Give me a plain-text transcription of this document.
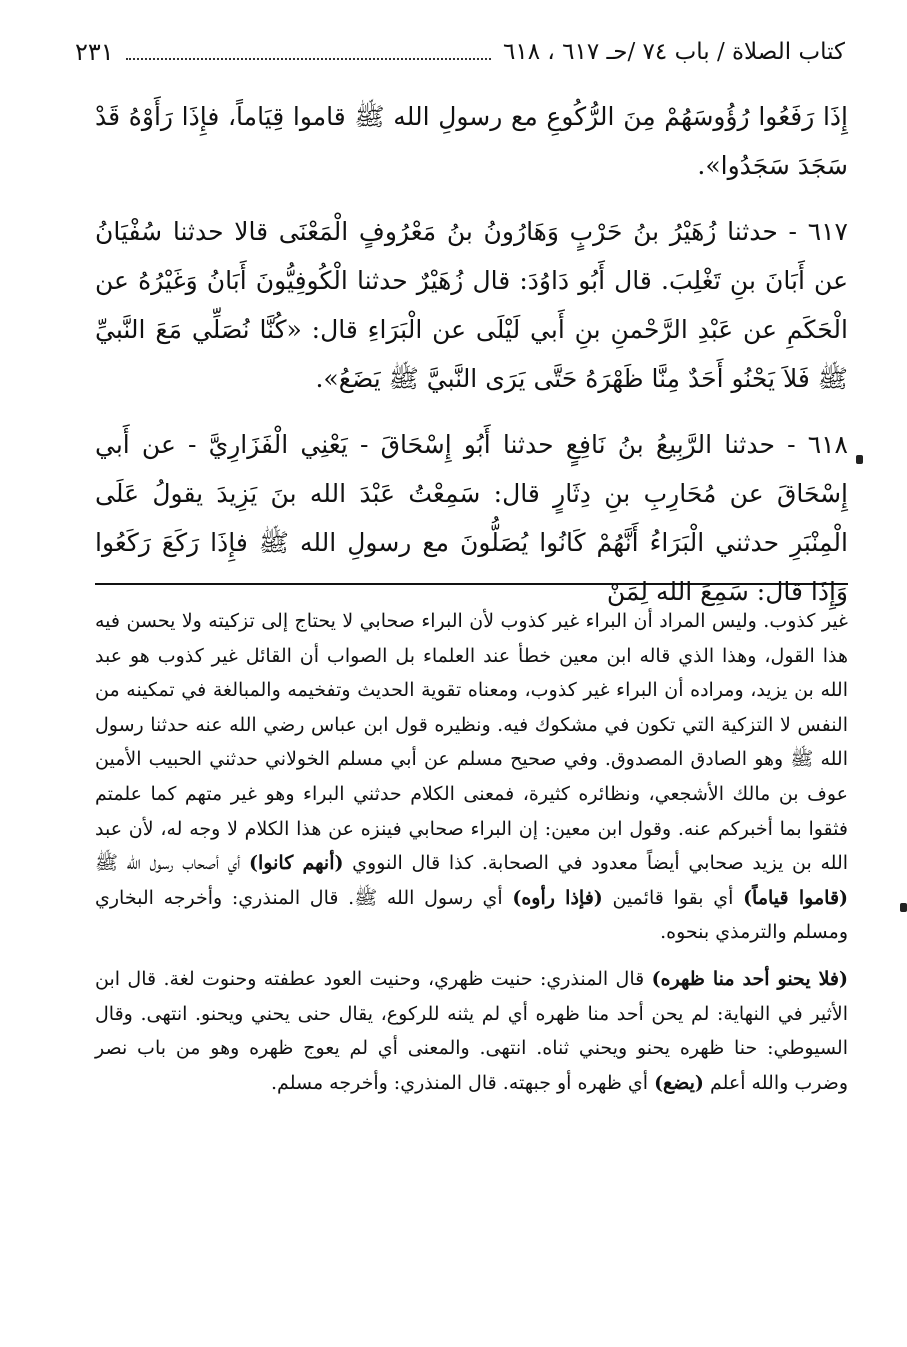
كتاب الصلاة / باب ٧٤ /حـ ٦١٧ ، ٦١٨
٢٣١

إِذَا رَفَعُوا رُؤُوسَهُمْ مِنَ الرُّكُوعِ مع رسولِ الله ﷺ قاموا قِيَاماً، فإِذَا رَأَوْهُ قَدْ سَجَدَ سَجَدُوا».

٦١٧ - حدثنا زُهَيْرُ بنُ حَرْبٍ وَهَارُونُ بنُ مَعْرُوفٍ الْمَعْنَى قالا حدثنا سُفْيَانُ عن أَبَانَ بنِ تَغْلِبَ. قال أَبُو دَاوُدَ: قال زُهَيْرٌ حدثنا الْكُوفِيُّونَ أَبَانُ وَغَيْرُهُ عن الْحَكَمِ عن عَبْدِ الرَّحْمنِ بنِ أَبي لَيْلَى عن الْبَرَاءِ قال: «كُنَّا نُصَلِّي مَعَ النَّبيِّ ﷺ فَلاَ يَحْنُو أَحَدٌ مِنَّا ظَهْرَهُ حَتَّى يَرَى النَّبيَّ ﷺ يَضَعُ».

٦١٨ - حدثنا الرَّبِيعُ بنُ نَافِعٍ حدثنا أَبُو إِسْحَاقَ - يَعْنِي الْفَزَارِيَّ - عن أَبي إِسْحَاقَ عن مُحَارِبِ بنِ دِثَارٍ قال: سَمِعْتُ عَبْدَ الله بنَ يَزِيدَ يقولُ عَلَى الْمِنْبَرِ حدثني الْبَرَاءُ أَنَّهُمْ كَانُوا يُصَلُّونَ مع رسولِ الله ﷺ فإِذَا رَكَعَ رَكَعُوا وَإِذَا قال: سَمِعَ الله لِمَنْ

غير كذوب. وليس المراد أن البراء غير كذوب لأن البراء صحابي لا يحتاج إلى تزكيته ولا يحسن فيه هذا القول، وهذا الذي قاله ابن معين خطأ عند العلماء بل الصواب أن القائل غير كذوب هو عبد الله بن يزيد، ومراده أن البراء غير كذوب، ومعناه تقوية الحديث وتفخيمه والمبالغة في تمكينه من النفس لا التزكية التي تكون في مشكوك فيه. ونظيره قول ابن عباس رضي الله عنه حدثنا رسول الله ﷺ وهو الصادق المصدوق. وفي صحيح مسلم عن أبي مسلم الخولاني حدثني الحبيب الأمين عوف بن مالك الأشجعي، ونظائره كثيرة، فمعنى الكلام حدثني البراء وهو غير متهم كما علمتم فثقوا بما أخبركم عنه. وقول ابن معين: إن البراء صحابي فينزه عن هذا الكلام لا وجه له، لأن عبد الله بن يزيد صحابي أيضاً معدود في الصحابة. كذا قال النووي (أنهم كانوا) أي أصحاب رسول الله ﷺ (قاموا قياماً) أي بقوا قائمين (فإذا رأوه) أي رسول الله ﷺ. قال المنذري: وأخرجه البخاري ومسلم والترمذي بنحوه.

(فلا يحنو أحد منا ظهره) قال المنذري: حنيت ظهري، وحنيت العود عطفته وحنوت لغة. قال ابن الأثير في النهاية: لم يحن أحد منا ظهره أي لم يثنه للركوع، يقال حنى يحني ويحنو. انتهى. وقال السيوطي: حنا ظهره يحنو ويحني ثناه. انتهى. والمعنى أي لم يعوج ظهره وهو من باب نصر وضرب والله أعلم (يضع) أي ظهره أو جبهته. قال المنذري: وأخرجه مسلم.
